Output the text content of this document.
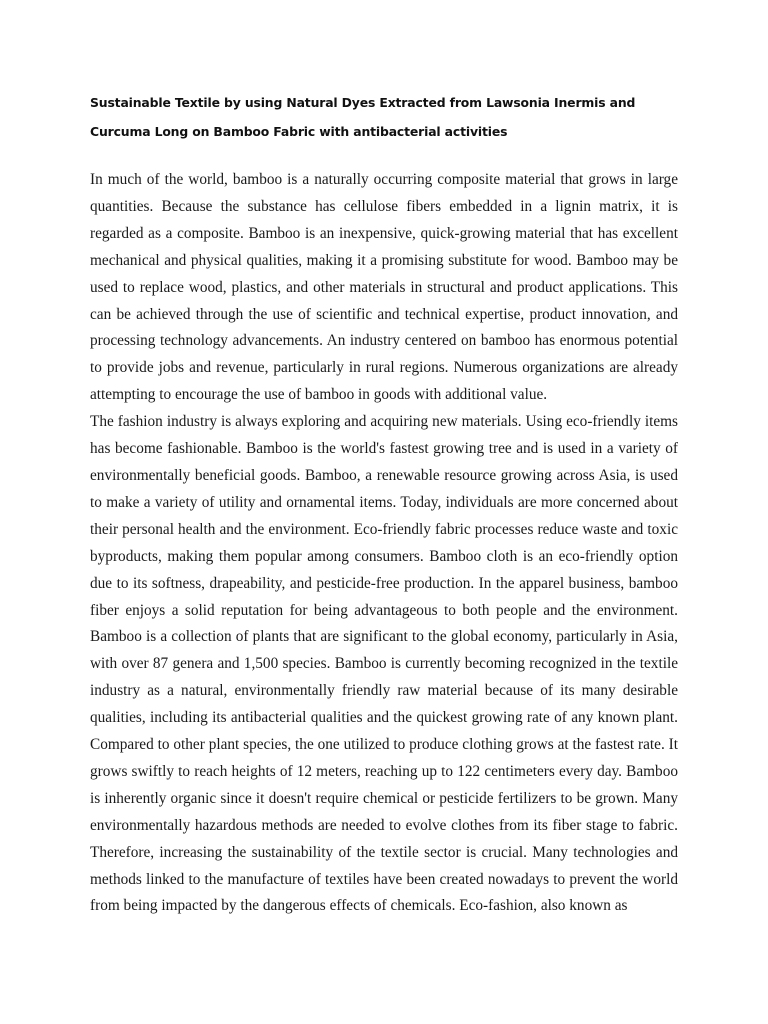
Sustainable Textile by using Natural Dyes Extracted from Lawsonia Inermis and Curcuma Long on Bamboo Fabric with antibacterial activities

In much of the world, bamboo is a naturally occurring composite material that grows in large quantities. Because the substance has cellulose fibers embedded in a lignin matrix, it is regarded as a composite. Bamboo is an inexpensive, quick-growing material that has excellent mechanical and physical qualities, making it a promising substitute for wood. Bamboo may be used to replace wood, plastics, and other materials in structural and product applications. This can be achieved through the use of scientific and technical expertise, product innovation, and processing technology advancements. An industry centered on bamboo has enormous potential to provide jobs and revenue, particularly in rural regions. Numerous organizations are already attempting to encourage the use of bamboo in goods with additional value.

The fashion industry is always exploring and acquiring new materials. Using eco-friendly items has become fashionable. Bamboo is the world's fastest growing tree and is used in a variety of environmentally beneficial goods. Bamboo, a renewable resource growing across Asia, is used to make a variety of utility and ornamental items. Today, individuals are more concerned about their personal health and the environment. Eco-friendly fabric processes reduce waste and toxic byproducts, making them popular among consumers. Bamboo cloth is an eco-friendly option due to its softness, drapeability, and pesticide-free production. In the apparel business, bamboo fiber enjoys a solid reputation for being advantageous to both people and the environment. Bamboo is a collection of plants that are significant to the global economy, particularly in Asia, with over 87 genera and 1,500 species. Bamboo is currently becoming recognized in the textile industry as a natural, environmentally friendly raw material because of its many desirable qualities, including its antibacterial qualities and the quickest growing rate of any known plant. Compared to other plant species, the one utilized to produce clothing grows at the fastest rate. It grows swiftly to reach heights of 12 meters, reaching up to 122 centimeters every day. Bamboo is inherently organic since it doesn't require chemical or pesticide fertilizers to be grown. Many environmentally hazardous methods are needed to evolve clothes from its fiber stage to fabric. Therefore, increasing the sustainability of the textile sector is crucial. Many technologies and methods linked to the manufacture of textiles have been created nowadays to prevent the world from being impacted by the dangerous effects of chemicals. Eco-fashion, also known as
